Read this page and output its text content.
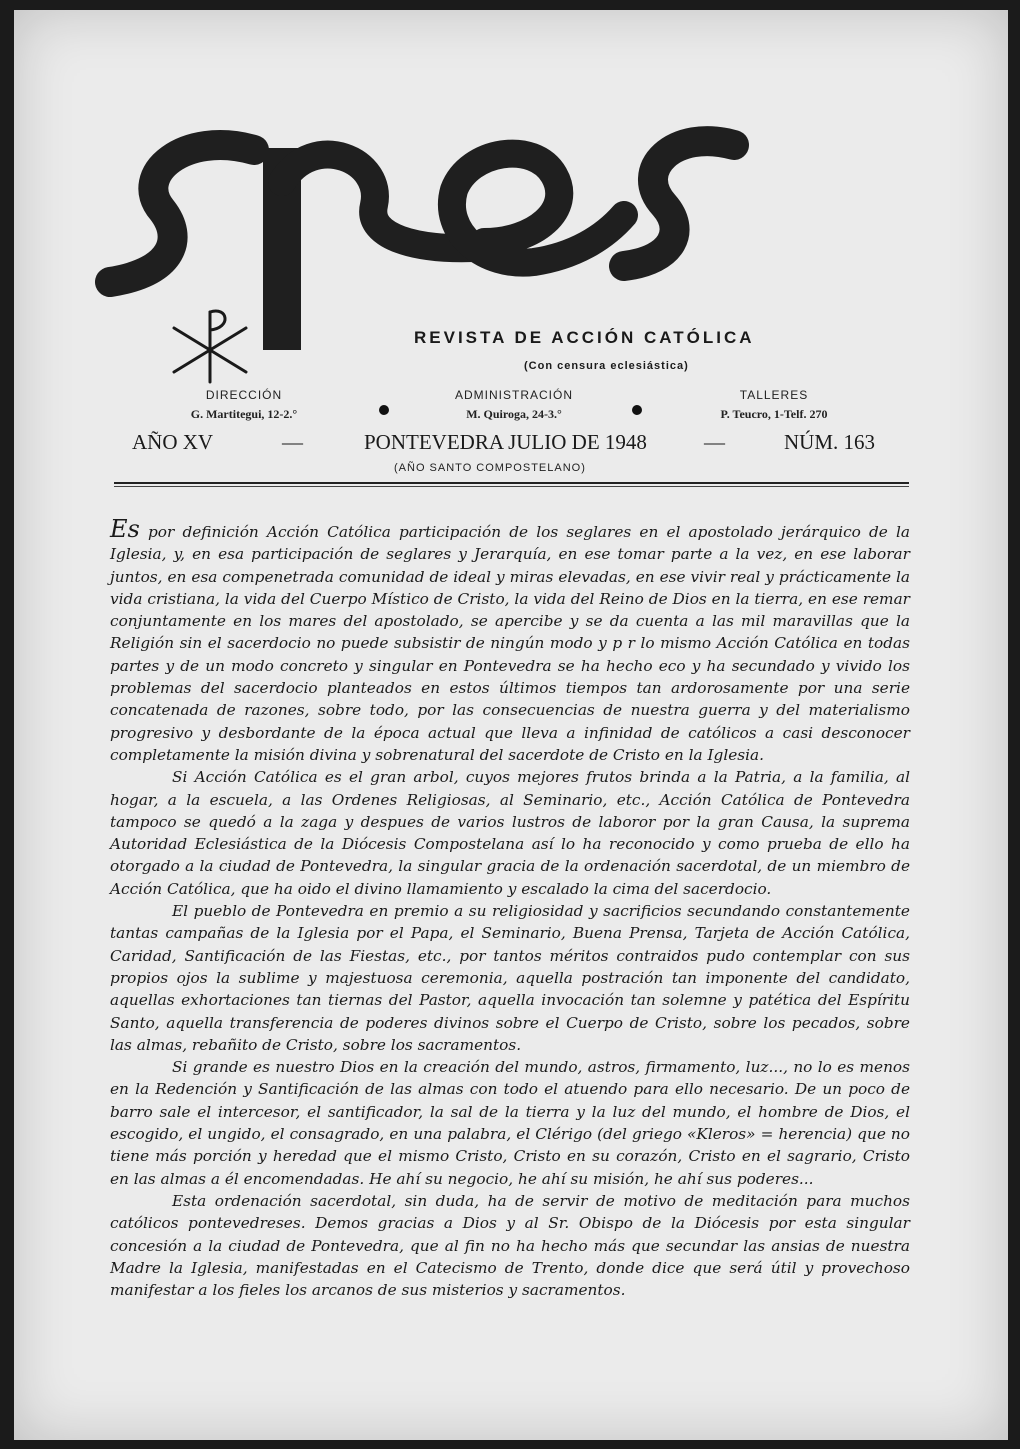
REVISTA DE ACCIÓN CATÓLICA
(Con censura eclesiástica)
DIRECCIÓN
G. Martitegui, 12-2.°
ADMINISTRACIÓN
M. Quiroga, 24-3.°
TALLERES
P. Teucro, 1-Telf. 270
AÑO XV	—	PONTEVEDRA JULIO DE 1948	—	NÚM. 163
(AÑO SANTO COMPOSTELANO)

Es por definición Acción Católica participación de los seglares en el apostolado jerárquico de la Iglesia, y, en esa participación de seglares y Jerarquía, en ese tomar parte a la vez, en ese laborar juntos, en esa compenetrada comunidad de ideal y miras elevadas, en ese vivir real y prácticamente la vida cristiana, la vida del Cuerpo Místico de Cristo, la vida del Reino de Dios en la tierra, en ese remar conjuntamente en los mares del apostolado, se apercibe y se da cuenta a las mil maravillas que la Religión sin el sacerdocio no puede subsistir de ningún modo y p r lo mismo Acción Católica en todas partes y de un modo concreto y singular en Pontevedra se ha hecho eco y ha secundado y vivido los problemas del sacerdocio planteados en estos últimos tiempos tan ardorosamente por una serie concatenada de razones, sobre todo, por las consecuencias de nuestra guerra y del materialismo progresivo y desbordante de la época actual que lleva a infinidad de católicos a casi desconocer completamente la misión divina y sobrenatural del sacerdote de Cristo en la Iglesia.

Si Acción Católica es el gran arbol, cuyos mejores frutos brinda a la Patria, a la familia, al hogar, a la escuela, a las Ordenes Religiosas, al Seminario, etc., Acción Católica de Pontevedra tampoco se quedó a la zaga y despues de varios lustros de laboror por la gran Causa, la suprema Autoridad Eclesiástica de la Diócesis Compostelana así lo ha reconocido y como prueba de ello ha otorgado a la ciudad de Pontevedra, la singular gracia de la ordenación sacerdotal, de un miembro de Acción Católica, que ha oido el divino llamamiento y escalado la cima del sacerdocio.

El pueblo de Pontevedra en premio a su religiosidad y sacrificios secundando constantemente tantas campañas de la Iglesia por el Papa, el Seminario, Buena Prensa, Tarjeta de Acción Católica, Caridad, Santificación de las Fiestas, etc., por tantos méritos contraidos pudo contemplar con sus propios ojos la sublime y majestuosa ceremonia, aquella postración tan imponente del candidato, aquellas exhortaciones tan tiernas del Pastor, aquella invocación tan solemne y patética del Espíritu Santo, aquella transferencia de poderes divinos sobre el Cuerpo de Cristo, sobre los pecados, sobre las almas, rebañito de Cristo, sobre los sacramentos.

Si grande es nuestro Dios en la creación del mundo, astros, firmamento, luz..., no lo es menos en la Redención y Santificación de las almas con todo el atuendo para ello necesario. De un poco de barro sale el intercesor, el santificador, la sal de la tierra y la luz del mundo, el hombre de Dios, el escogido, el ungido, el consagrado, en una palabra, el Clérigo (del griego «Kleros» = herencia) que no tiene más porción y heredad que el mismo Cristo, Cristo en su corazón, Cristo en el sagrario, Cristo en las almas a él encomendadas. He ahí su negocio, he ahí su misión, he ahí sus poderes...

Esta ordenación sacerdotal, sin duda, ha de servir de motivo de meditación para muchos católicos pontevedreses. Demos gracias a Dios y al Sr. Obispo de la Diócesis por esta singular concesión a la ciudad de Pontevedra, que al fin no ha hecho más que secundar las ansias de nuestra Madre la Iglesia, manifestadas en el Catecismo de Trento, donde dice que será útil y provechoso manifestar a los fieles los arcanos de sus misterios y sacramentos.
